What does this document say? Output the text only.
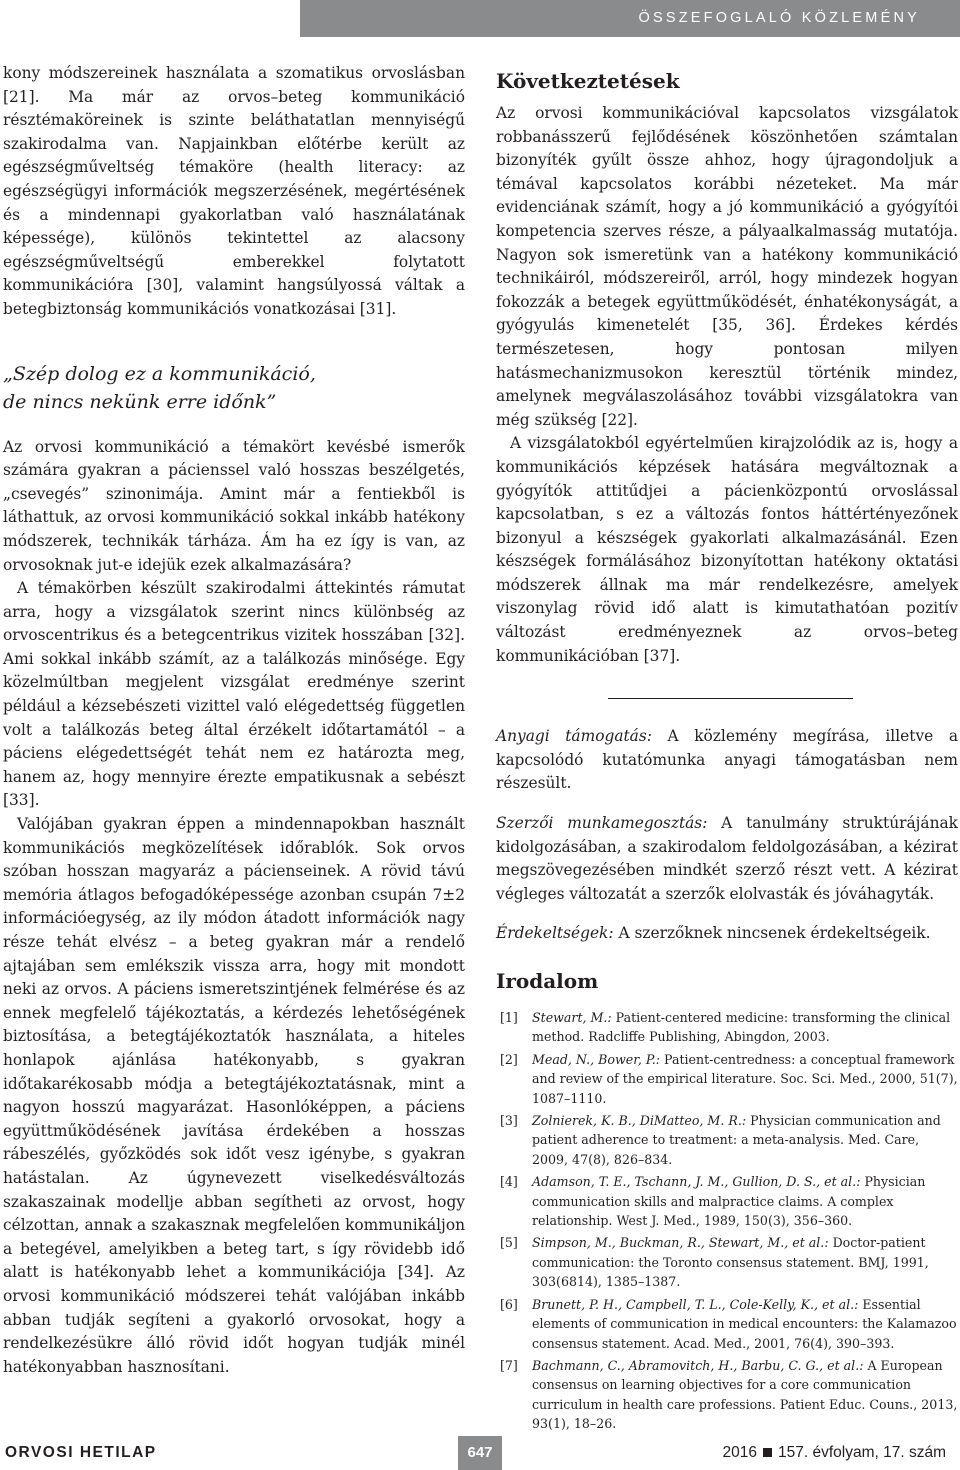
ÖSSZEFOGLALÓ KÖZLEMÉNY

kony módszereinek használata a szomatikus orvoslásban [21]. Ma már az orvos–beteg kommunikáció résztémaköreinek is szinte beláthatatlan mennyiségű szakirodalma van. Napjainkban előtérbe került az egészségműveltség témaköre (health literacy: az egészségügyi információk megszerzésének, megértésének és a mindennapi gyakorlatban való használatának képessége), különös tekintettel az alacsony egészségműveltségű emberekkel folytatott kommunikációra [30], valamint hangsúlyossá váltak a betegbiztonság kommunikációs vonatkozásai [31].

„Szép dolog ez a kommunikáció,
de nincs nekünk erre időnk”

Az orvosi kommunikáció a témakört kevésbé ismerők számára gyakran a pácienssel való hosszas beszélgetés, „csevegés” szinonimája. Amint már a fentiekből is láthattuk, az orvosi kommunikáció sokkal inkább hatékony módszerek, technikák tárháza. Ám ha ez így is van, az orvosoknak jut-e idejük ezek alkalmazására?

A témakörben készült szakirodalmi áttekintés rámutat arra, hogy a vizsgálatok szerint nincs különbség az orvoscentrikus és a betegcentrikus vizitek hosszában [32]. Ami sokkal inkább számít, az a találkozás minősége. Egy közelmúltban megjelent vizsgálat eredménye szerint például a kézsebészeti vizittel való elégedettség független volt a találkozás beteg által érzékelt időtartamától – a páciens elégedettségét tehát nem ez határozta meg, hanem az, hogy mennyire érezte empatikusnak a sebészt [33].

Valójában gyakran éppen a mindennapokban használt kommunikációs megközelítések időrablók. Sok orvos szóban hosszan magyaráz a pácienseinek. A rövid távú memória átlagos befogadóképessége azonban csupán 7±2 információegység, az ily módon átadott információk nagy része tehát elvész – a beteg gyakran már a rendelő ajtajában sem emlékszik vissza arra, hogy mit mondott neki az orvos. A páciens ismeretszintjének felmérése és az ennek megfelelő tájékoztatás, a kérdezés lehetőségének biztosítása, a betegtájékoztatók használata, a hiteles honlapok ajánlása hatékonyabb, s gyakran időtakarékosabb módja a betegtájékoztatásnak, mint a nagyon hosszú magyarázat. Hasonlóképpen, a páciens együttműködésének javítása érdekében a hosszas rábeszélés, győzködés sok időt vesz igénybe, s gyakran hatástalan. Az úgynevezett viselkedésváltozás szakaszainak modellje abban segítheti az orvost, hogy célzottan, annak a szakasznak megfelelően kommunikáljon a betegével, amelyikben a beteg tart, s így rövidebb idő alatt is hatékonyabb lehet a kommunikációja [34]. Az orvosi kommunikáció módszerei tehát valójában inkább abban tudják segíteni a gyakorló orvosokat, hogy a rendelkezésükre álló rövid időt hogyan tudják minél hatékonyabban hasznosítani.

Következtetések

Az orvosi kommunikációval kapcsolatos vizsgálatok robbanásszerű fejlődésének köszönhetően számtalan bizonyíték gyűlt össze ahhoz, hogy újragondoljuk a témával kapcsolatos korábbi nézeteket. Ma már evidenciának számít, hogy a jó kommunikáció a gyógyítói kompetencia szerves része, a pályaalkalmasság mutatója. Nagyon sok ismeretünk van a hatékony kommunikáció technikáiról, módszereiről, arról, hogy mindezek hogyan fokozzák a betegek együttműködését, énhatékonyságát, a gyógyulás kimenetelét [35, 36]. Érdekes kérdés természetesen, hogy pontosan milyen hatásmechanizmusokon keresztül történik mindez, amelynek megválaszolásához további vizsgálatokra van még szükség [22].

A vizsgálatokból egyértelműen kirajzolódik az is, hogy a kommunikációs képzések hatására megváltoznak a gyógyítók attitűdjei a pácienközpontú orvoslással kapcsolatban, s ez a változás fontos háttértényezőnek bizonyul a készségek gyakorlati alkalmazásánál. Ezen készségek formálásához bizonyítottan hatékony oktatási módszerek állnak ma már rendelkezésre, amelyek viszonylag rövid idő alatt is kimutathatóan pozitív változást eredményeznek az orvos–beteg kommunikációban [37].

Anyagi támogatás: A közlemény megírása, illetve a kapcsolódó kutatómunka anyagi támogatásban nem részesült.

Szerzői munkamegosztás: A tanulmány struktúrájának kidolgozásában, a szakirodalom feldolgozásában, a kézirat megszövegezésében mindkét szerző részt vett. A kézirat végleges változatát a szerzők elolvasták és jóváhagyták.

Érdekeltségek: A szerzőknek nincsenek érdekeltségeik.

Irodalom
[1] Stewart, M.: Patient-centered medicine: transforming the clinical method. Radcliffe Publishing, Abingdon, 2003.
[2] Mead, N., Bower, P.: Patient-centredness: a conceptual framework and review of the empirical literature. Soc. Sci. Med., 2000, 51(7), 1087–1110.
[3] Zolnierek, K. B., DiMatteo, M. R.: Physician communication and patient adherence to treatment: a meta-analysis. Med. Care, 2009, 47(8), 826–834.
[4] Adamson, T. E., Tschann, J. M., Gullion, D. S., et al.: Physician communication skills and malpractice claims. A complex relationship. West J. Med., 1989, 150(3), 356–360.
[5] Simpson, M., Buckman, R., Stewart, M., et al.: Doctor-patient communication: the Toronto consensus statement. BMJ, 1991, 303(6814), 1385–1387.
[6] Brunett, P. H., Campbell, T. L., Cole-Kelly, K., et al.: Essential elements of communication in medical encounters: the Kalamazoo consensus statement. Acad. Med., 2001, 76(4), 390–393.
[7] Bachmann, C., Abramovitch, H., Barbu, C. G., et al.: A European consensus on learning objectives for a core communication curriculum in health care professions. Patient Educ. Couns., 2013, 93(1), 18–26.
ORVOSI HETILAP	647	2016 157. évfolyam, 17. szám
